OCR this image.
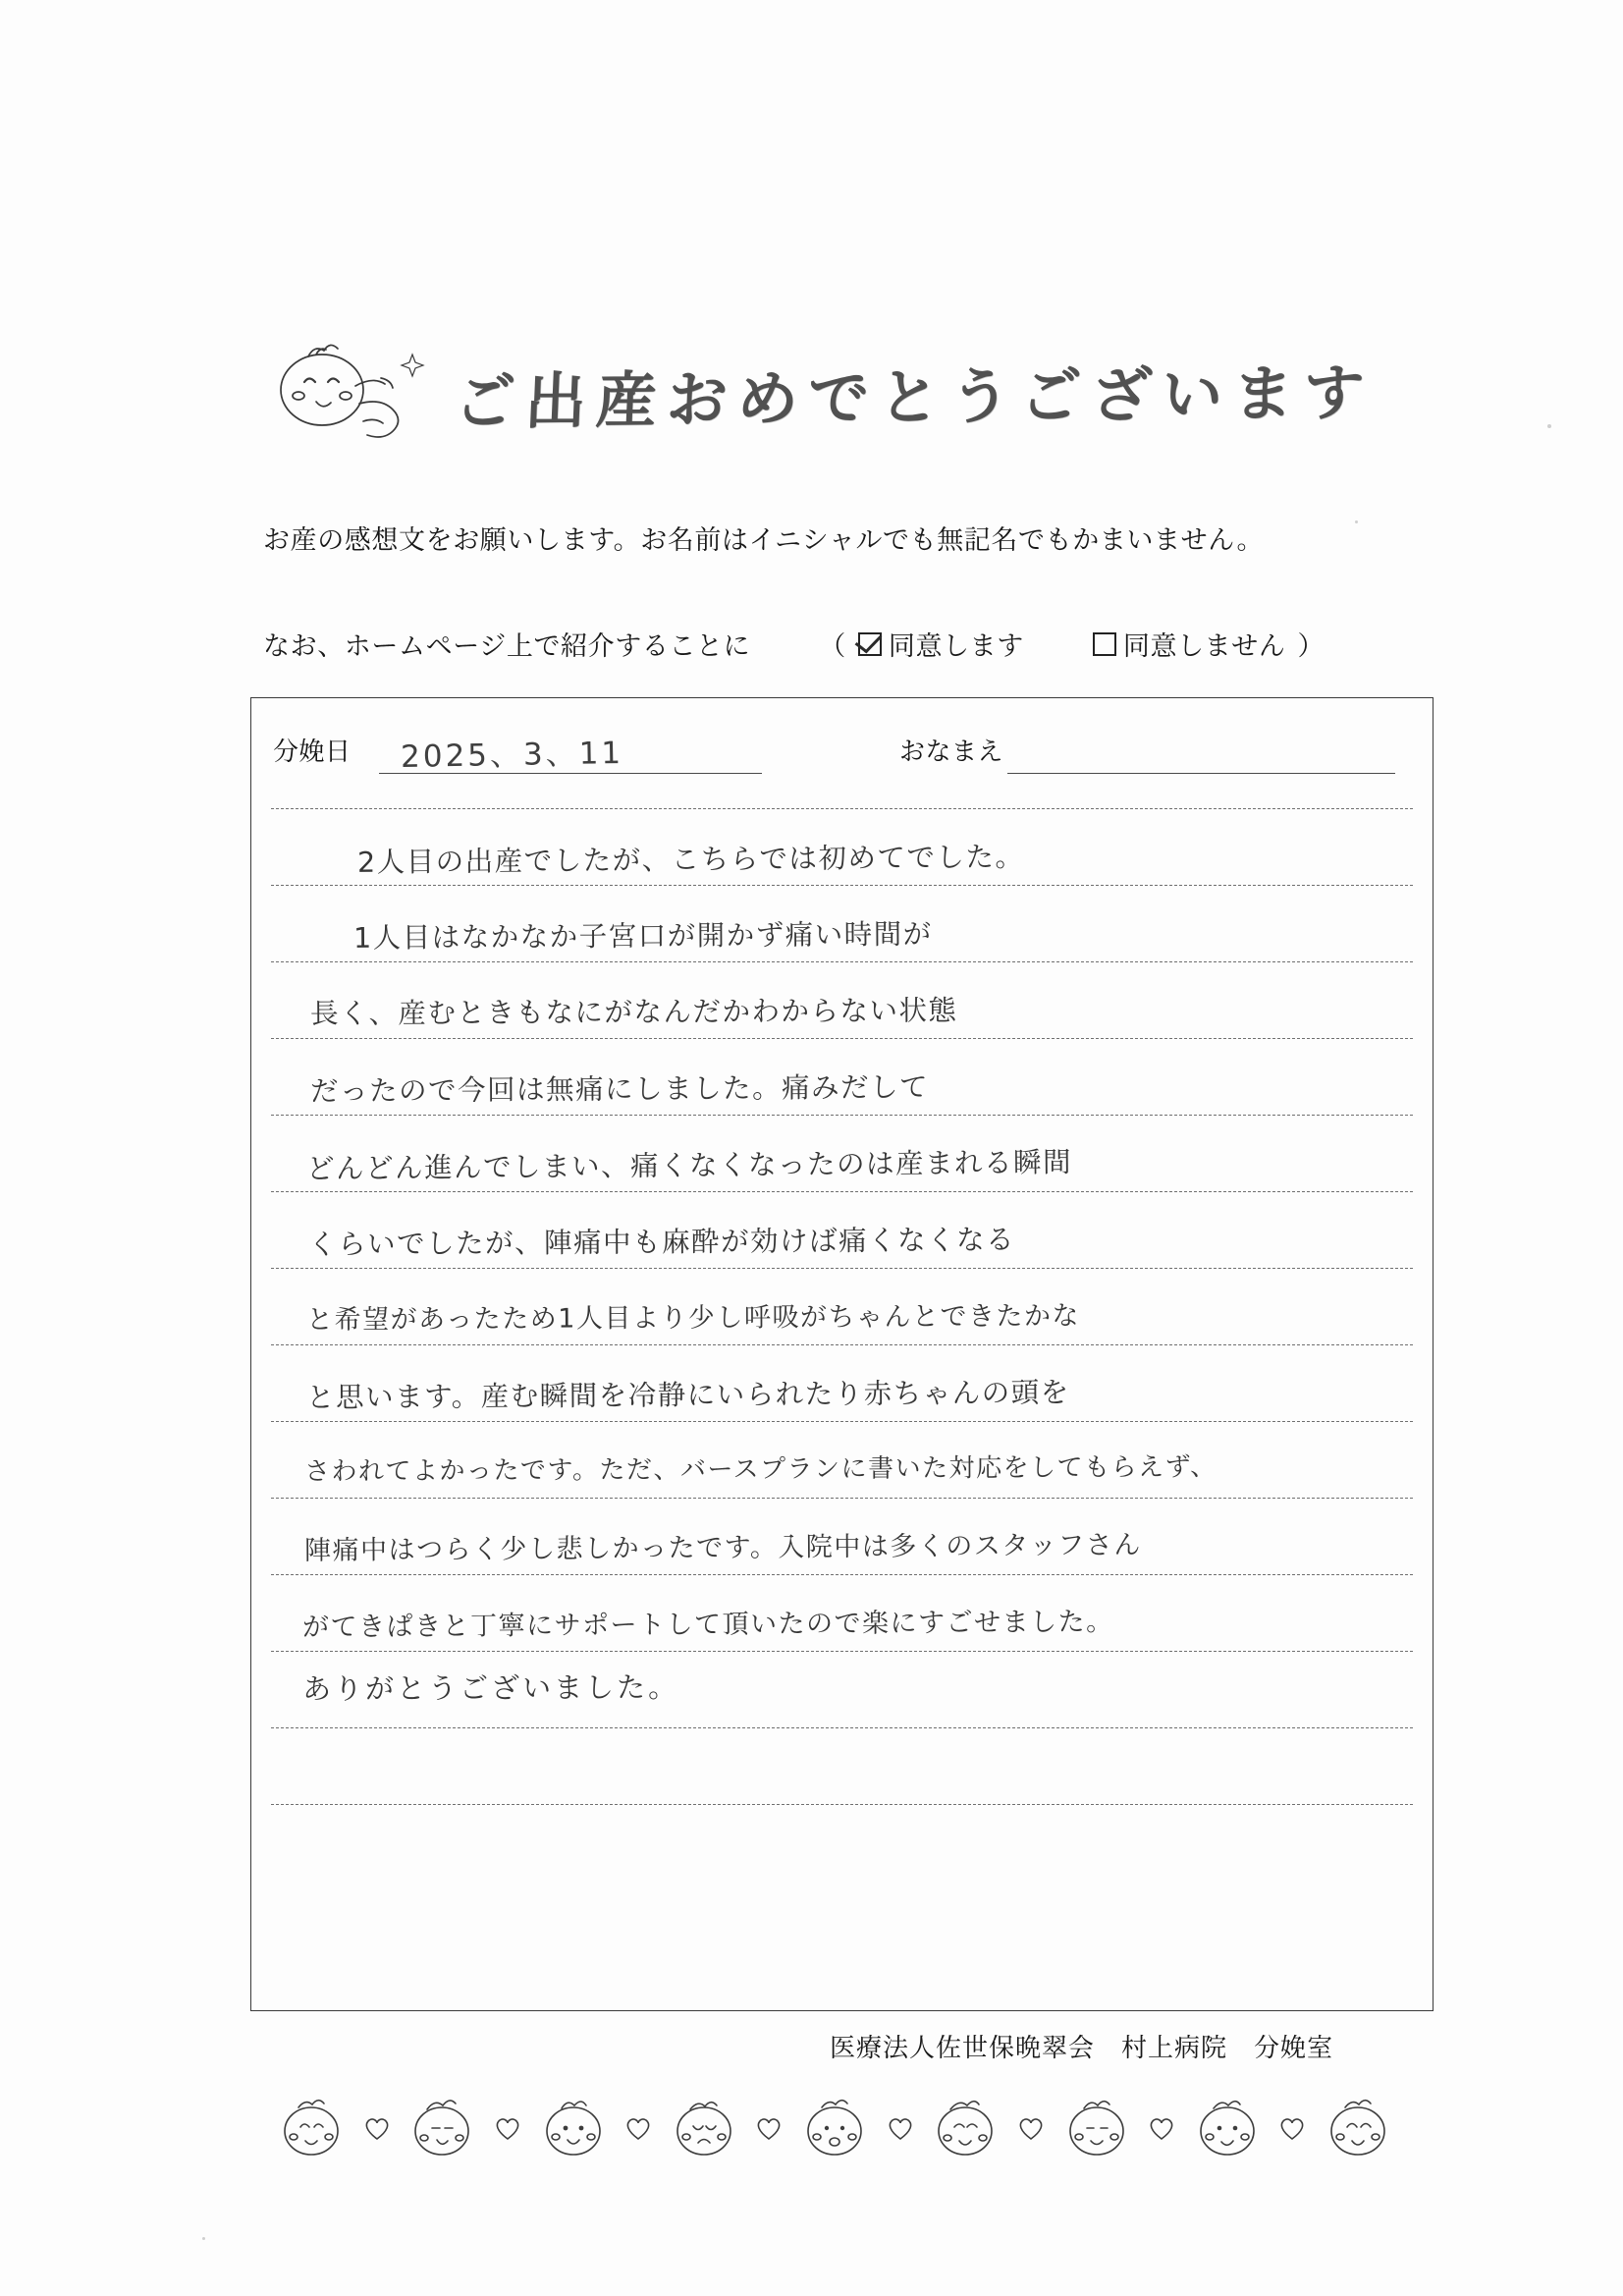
ご出産おめでとうございます
お産の感想文をお願いします。お名前はイニシャルでも無記名でもかまいません。
なお、ホームページ上で紹介することに	（ 同意します	同意しません ）
分娩日 2025、3、11	おなまえ
2人目の出産でしたが、こちらでは初めてでした。
1人目はなかなか子宮口が開かず痛い時間が
長く、産むときもなにがなんだかわからない状態
だったので今回は無痛にしました。痛みだして
どんどん進んでしまい、痛くなくなったのは産まれる瞬間
くらいでしたが、陣痛中も麻酔が効けば痛くなくなる
と希望があったため1人目より少し呼吸がちゃんとできたかな
と思います。産む瞬間を冷静にいられたり赤ちゃんの頭を
さわれてよかったです。ただ、バースプランに書いた対応をしてもらえず、
陣痛中はつらく少し悲しかったです。入院中は多くのスタッフさん
がてきぱきと丁寧にサポートして頂いたので楽にすごせました。
ありがとうございました。
医療法人佐世保晩翠会　村上病院　分娩室
